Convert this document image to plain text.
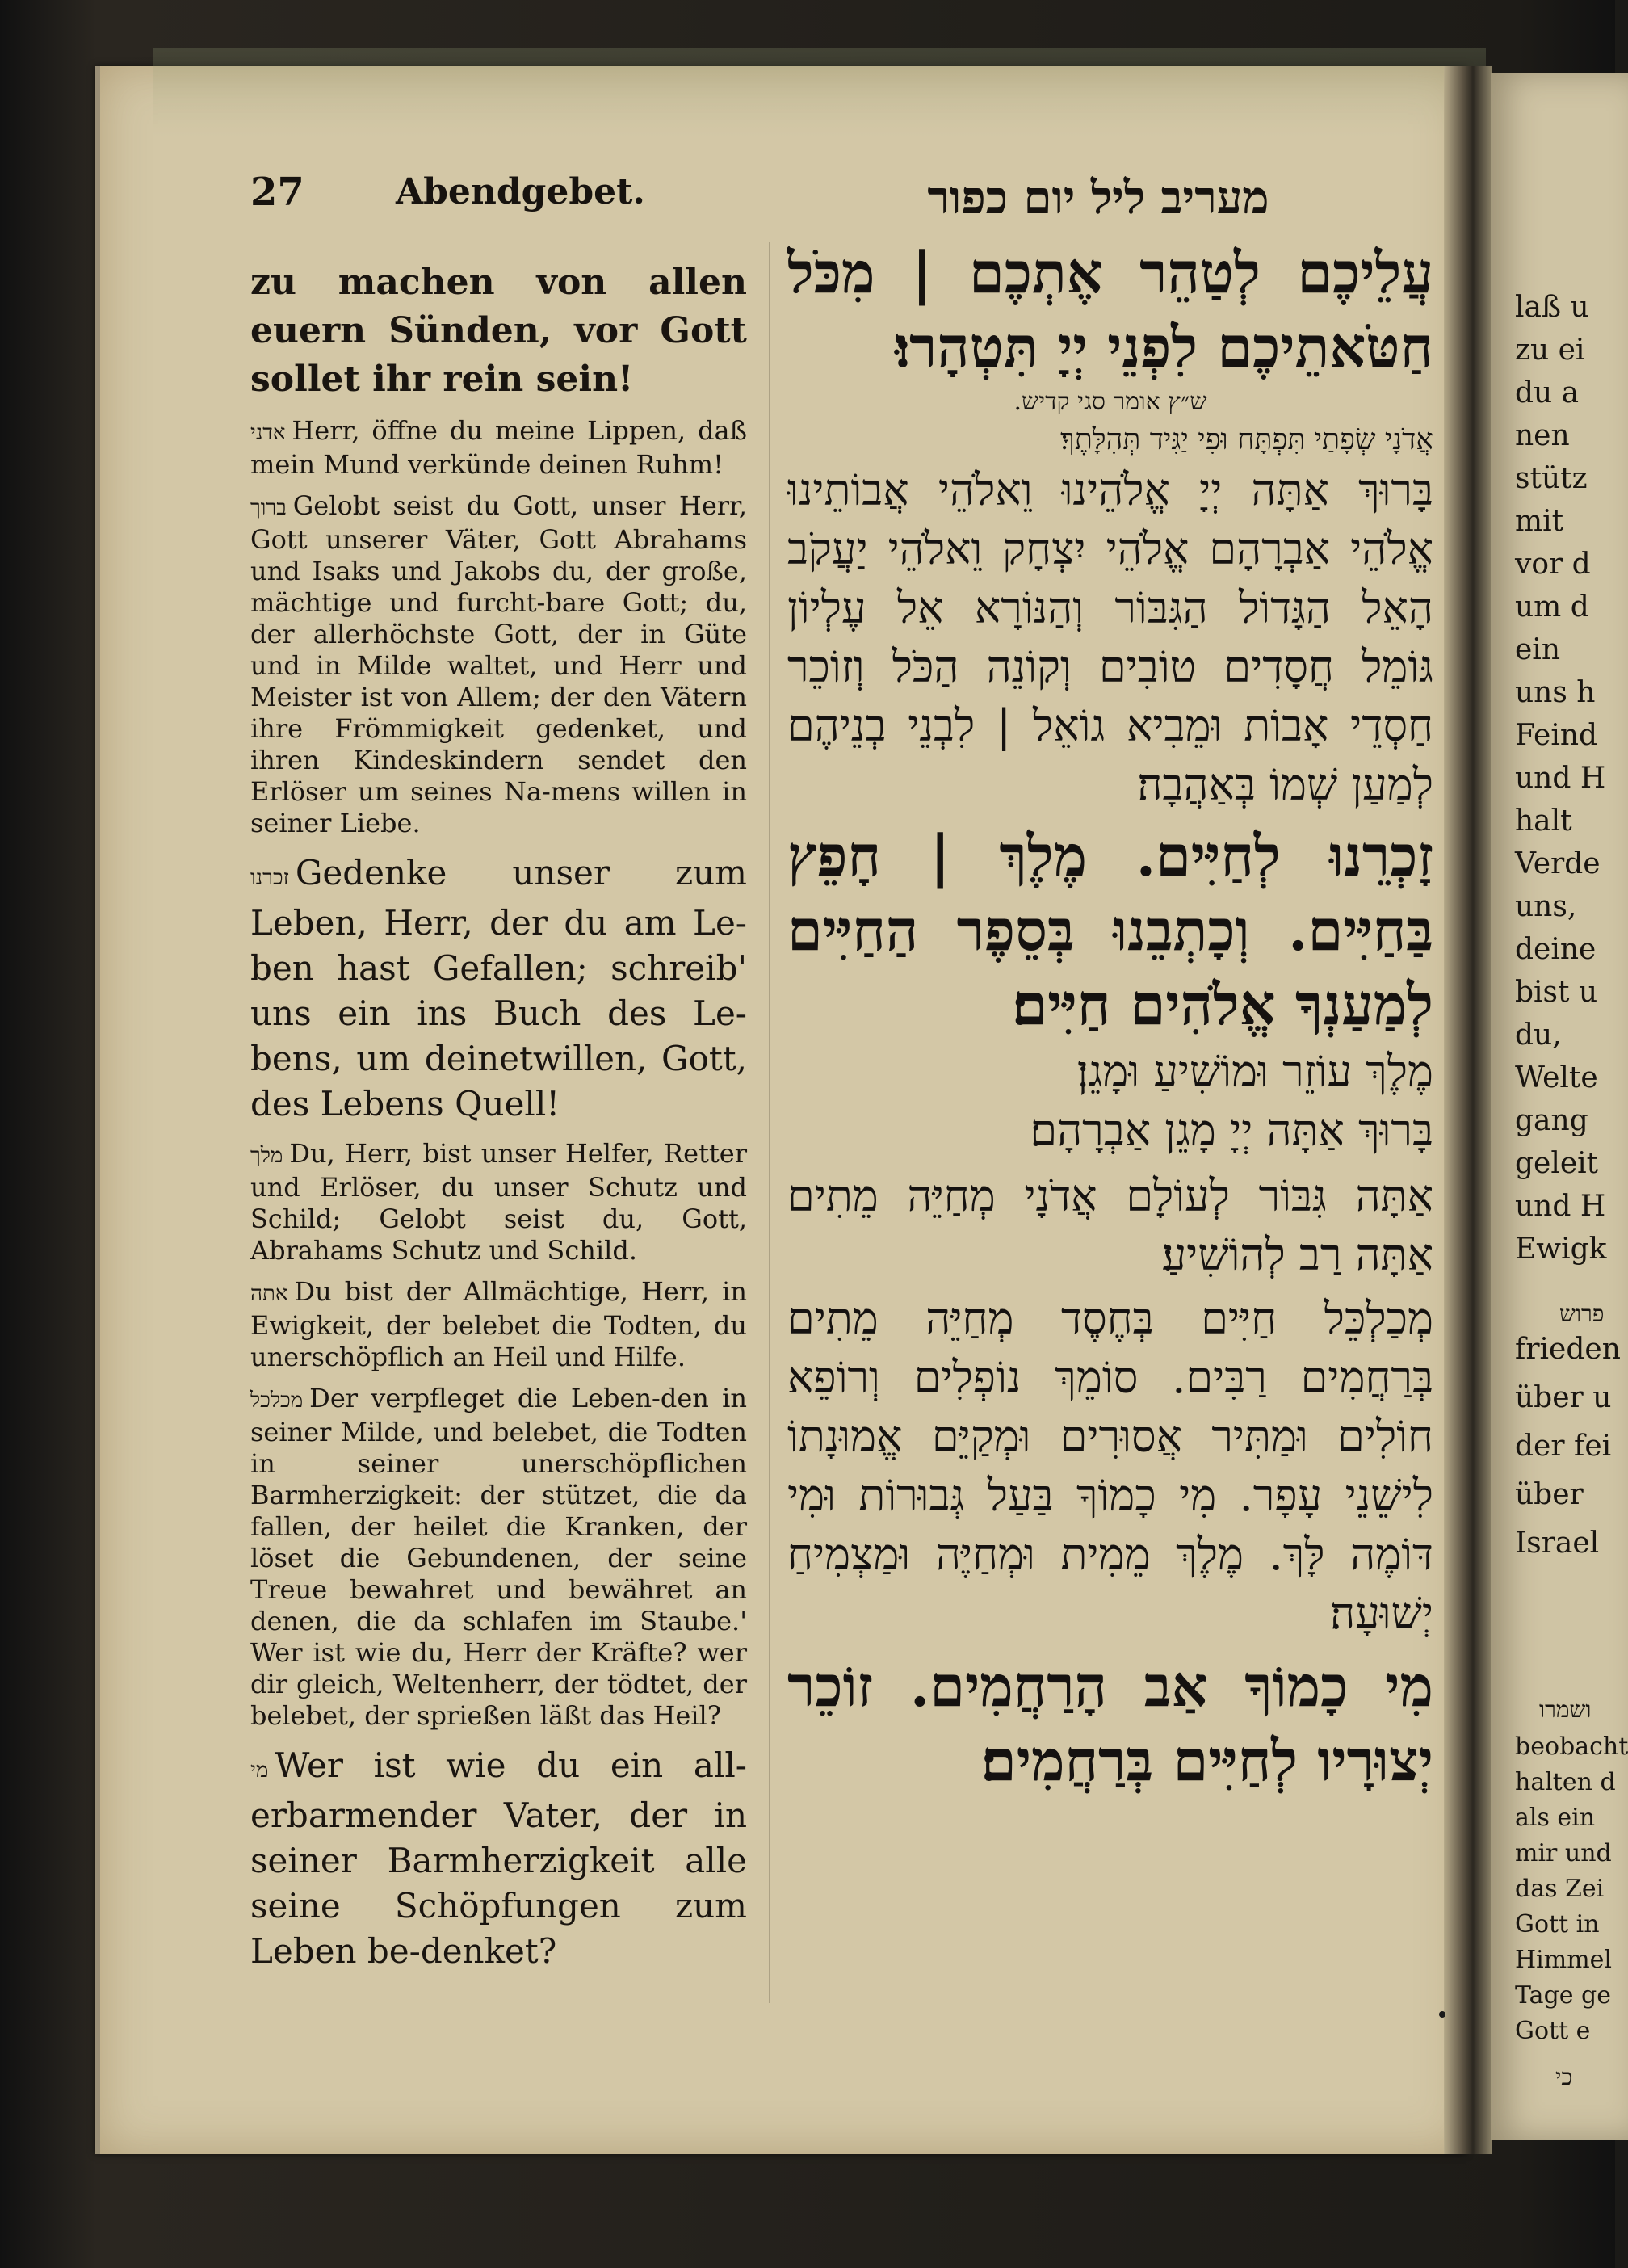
27	Abendgebet.	מעריב ליל יום כפור

zu machen von allen euern Sünden, vor Gott sollet ihr rein sein!

אדני Herr, öffne du meine Lippen, daß mein Mund verkünde deinen Ruhm!

ברוך Gelobt seist du Gott, unser Herr, Gott unserer Väter, Gott Abrahams und Isaks und Jakobs du, der große, mächtige und furcht-bare Gott; du, der allerhöchste Gott, der in Güte und in Milde waltet, und Herr und Meister ist von Allem; der den Vätern ihre Frömmigkeit gedenket, und ihren Kindeskindern sendet den Erlöser um seines Na-mens willen in seiner Liebe.

זכרנו Gedenke unser zum Leben, Herr, der du am Le-ben hast Gefallen; schreib' uns ein ins Buch des Le-bens, um deinetwillen, Gott, des Lebens Quell!

מלך Du, Herr, bist unser Helfer, Retter und Erlöser, du unser Schutz und Schild; Gelobt seist du, Gott, Abrahams Schutz und Schild.

אתה Du bist der Allmächtige, Herr, in Ewigkeit, der belebet die Todten, du unerschöpflich an Heil und Hilfe.

מכלכל Der verpfleget die Leben-den in seiner Milde, und belebet, die Todten in seiner unerschöpflichen Barmherzigkeit: der stützet, die da fallen, der heilet die Kranken, der löset die Gebundenen, der seine Treue bewahret und bewähret an denen, die da schlafen im Staube.' Wer ist wie du, Herr der Kräfte? wer dir gleich, Weltenherr, der tödtet, der belebet, der sprießen läßt das Heil?

מי Wer ist wie du ein all-erbarmender Vater, der in seiner Barmherzigkeit alle seine Schöpfungen zum Leben be-denket?

עֲלֵיכֶם לְטַהֵר אֶתְכֶם | מִכֹּל חַטֹּאתֵיכֶם לִפְנֵי יְיָ תִּטְהָרוּ׃

ש״ץ אומר סגי קדיש.

אֲדֹנָי שְׂפָתַי תִּפְתָּח וּפִי יַגִּיד תְּהִלָּתֶךָ׃

בָּרוּךְ אַתָּה יְיָ אֱלֹהֵינוּ וֵאלֹהֵי אֲבוֹתֵינוּ אֱלֹהֵי אַבְרָהָם אֱלֹהֵי יִצְחָק וֵאלֹהֵי יַעֲקֹב הָאֵל הַגָּדוֹל הַגִּבּוֹר וְהַנּוֹרָא אֵל עֶלְיוֹן גּוֹמֵל חֲסָדִים טוֹבִים וְקוֹנֵה הַכֹּל וְזוֹכֵר חַסְדֵי אָבוֹת וּמֵבִיא גוֹאֵל | לִבְנֵי בְנֵיהֶם לְמַעַן שְׁמוֹ בְּאַהֲבָה׃

זָכְרֵנוּ לְחַיִּים. מֶלֶךְ | חָפֵץ בַּחַיִּים. וְכָתְבֵנוּ בְּסֵפֶר הַחַיִּים לְמַעַנְךָ אֱלֹהִים חַיִּים׃

מֶלֶךְ עוֹזֵר וּמוֹשִׁיעַ וּמָגֵן׃

בָּרוּךְ אַתָּה יְיָ מָגֵן אַבְרָהָם׃

אַתָּה גִּבּוֹר לְעוֹלָם אֲדֹנָי מְחַיֵּה מֵתִים אַתָּה רַב לְהוֹשִׁיעַ׃

מְכַלְכֵּל חַיִּים בְּחֶסֶד מְחַיֵּה מֵתִים בְּרַחֲמִים רַבִּים. סוֹמֵךְ נוֹפְלִים וְרוֹפֵא חוֹלִים וּמַתִּיר אֲסוּרִים וּמְקַיֵּם אֱמוּנָתוֹ לִישֵׁנֵי עָפָר. מִי כָמוֹךָ בַּעַל גְּבוּרוֹת וּמִי דּוֹמֶה לָּךְ. מֶלֶךְ מֵמִית וּמְחַיֶּה וּמַצְמִיחַ יְשׁוּעָה׃

מִי כָמוֹךָ אַב הָרַחֲמִים. זוֹכֵר יְצוּרָיו לְחַיִּים בְּרַחֲמִים׃

laß u
zu ei
du a
nen
stütz
mit
vor d
um d
ein
uns h
Feind
und H
halt
Verde
uns,
deine
bist u
du,
Welte
gang
geleit
und H
Ewigk
פרוש
frieden
über u
der fei
über
Israel
ושמרו
beobacht
halten d
als ein
mir und
das Zei
Gott in
Himmel
Tage ge
Gott e
כי
